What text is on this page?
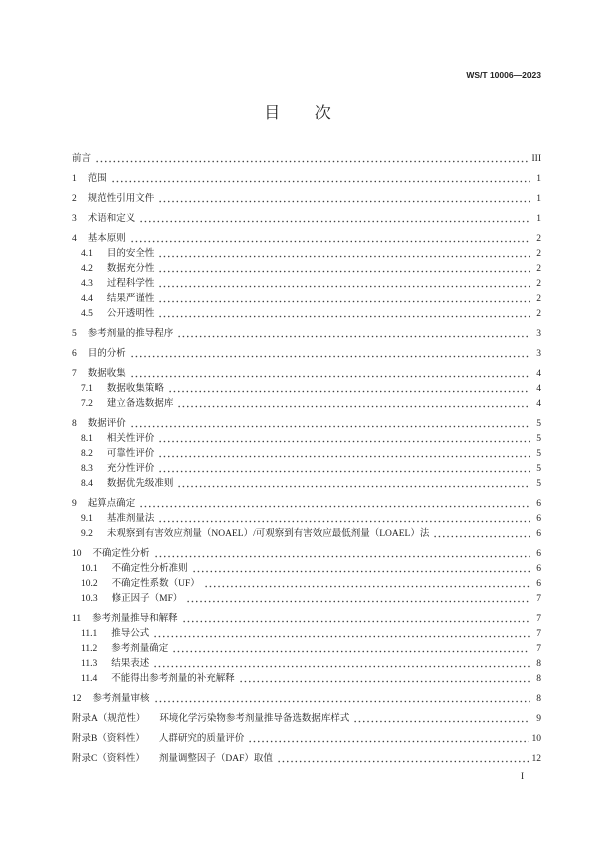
WS/T 10006—2023
目 次
前言	III
1 范围	1
2 规范性引用文件	1
3 术语和定义	1
4 基本原则	2
4.1 目的安全性	2
4.2 数据充分性	2
4.3 过程科学性	2
4.4 结果严谨性	2
4.5 公开透明性	2
5 参考剂量的推导程序	3
6 目的分析	3
7 数据收集	4
7.1 数据收集策略	4
7.2 建立备选数据库	4
8 数据评价	5
8.1 相关性评价	5
8.2 可靠性评价	5
8.3 充分性评价	5
8.4 数据优先级准则	5
9 起算点确定	6
9.1 基准剂量法	6
9.2 未观察到有害效应剂量（NOAEL）/可观察到有害效应最低剂量（LOAEL）法	6
10 不确定性分析	6
10.1 不确定性分析准则	6
10.2 不确定性系数（UF）	6
10.3 修正因子（MF）	7
11 参考剂量推导和解释	7
11.1 推导公式	7
11.2 参考剂量确定	7
11.3 结果表述	8
11.4 不能得出参考剂量的补充解释	8
12 参考剂量审核	8
附录A（规范性） 环境化学污染物参考剂量推导备选数据库样式	9
附录B（资料性） 人群研究的质量评价	10
附录C（资料性） 剂量调整因子（DAF）取值	12
I
